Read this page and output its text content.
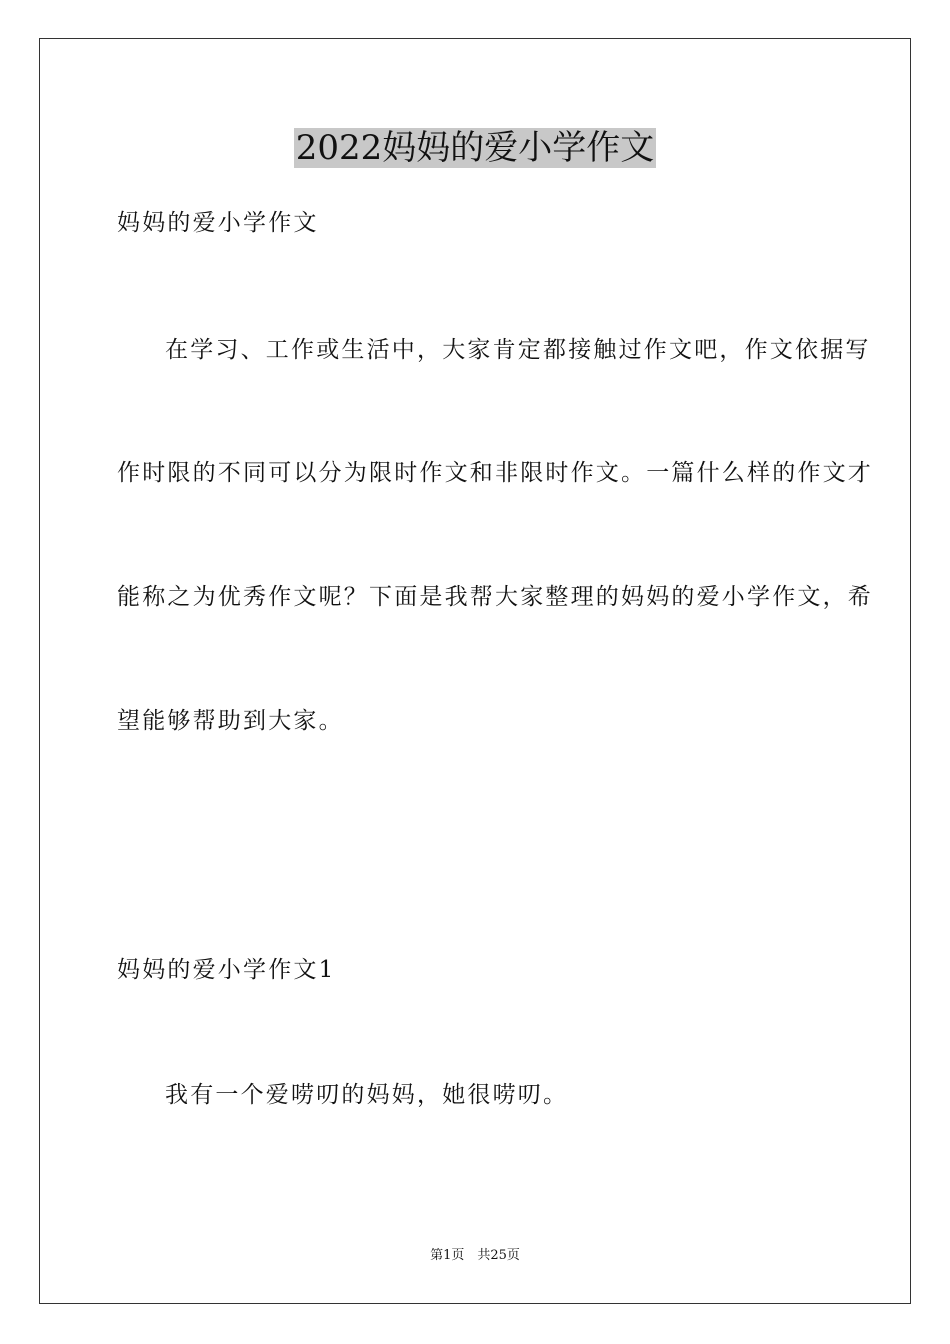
2022妈妈的爱小学作文

妈妈的爱小学作文

在学习、工作或生活中，大家肯定都接触过作文吧，作文依据写

作时限的不同可以分为限时作文和非限时作文。一篇什么样的作文才

能称之为优秀作文呢？下面是我帮大家整理的妈妈的爱小学作文，希

望能够帮助到大家。

妈妈的爱小学作文1

我有一个爱唠叨的妈妈，她很唠叨。

第1页　共25页
